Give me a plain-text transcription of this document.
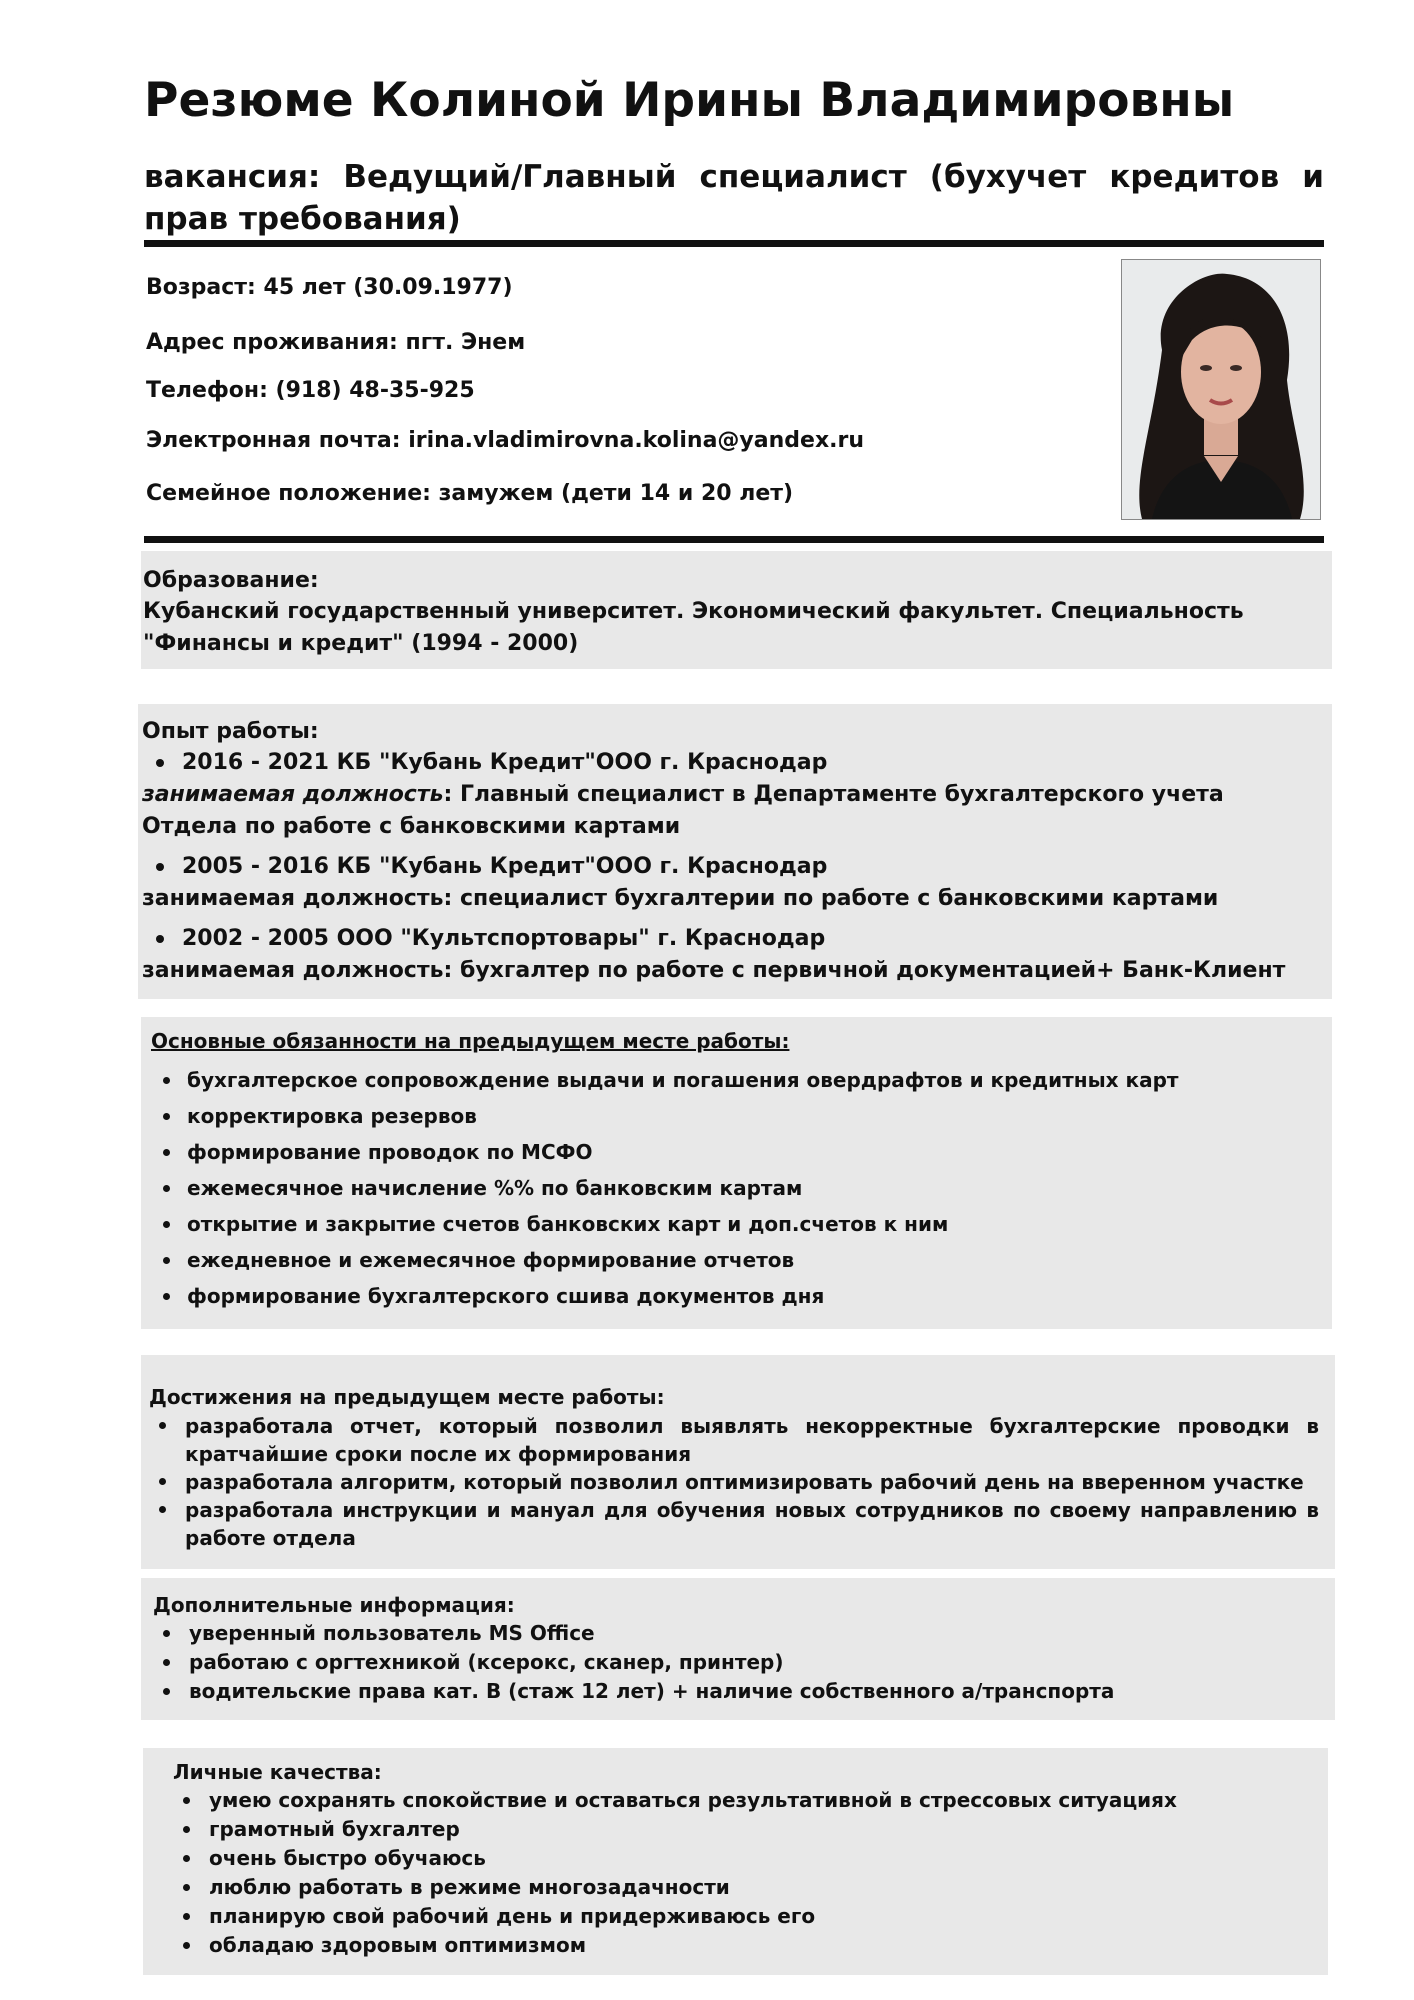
Резюме Колиной Ирины Владимировны

вакансия: Ведущий/Главный специалист (бухучет кредитов и прав требования)

Возраст: 45 лет (30.09.1977)
Адрес проживания: пгт. Энем
Телефон: (918) 48-35-925
Электронная почта: irina.vladimirovna.kolina@yandex.ru
Семейное положение: замужем (дети 14 и 20 лет)

Образование:

Кубанский государственный университет. Экономический факультет. Специальность "Финансы и кредит" (1994 - 2000)

Опыт работы:

2016 - 2021 КБ "Кубань Кредит"ООО г. Краснодар

занимаемая должность: Главный специалист в Департаменте бухгалтерского учета Отдела по работе с банковскими картами

2005 - 2016 КБ "Кубань Кредит"ООО г. Краснодар

занимаемая должность: специалист бухгалтерии по работе с банковскими картами

2002 - 2005 ООО "Культспортовары" г. Краснодар

занимаемая должность: бухгалтер по работе с первичной документацией+ Банк-Клиент

Основные обязанности на предыдущем месте работы:

бухгалтерское сопровождение выдачи и погашения овердрафтов и кредитных карт
корректировка резервов
формирование проводок по МСФО
ежемесячное начисление %% по банковским картам
открытие и закрытие счетов банковских карт и доп.счетов к ним
ежедневное и ежемесячное формирование отчетов
формирование бухгалтерского сшива документов дня

Достижения на предыдущем месте работы:

разработала отчет, который позволил выявлять некорректные бухгалтерские проводки в кратчайшие сроки после их формирования
разработала алгоритм, который позволил оптимизировать рабочий день на вверенном участке
разработала инструкции и мануал для обучения новых сотрудников по своему направлению в работе отдела

Дополнительные информация:

уверенный пользователь MS Office
работаю с оргтехникой (ксерокс, сканер, принтер)
водительские права кат. В (стаж 12 лет) + наличие собственного а/транспорта

Личные качества:

умею сохранять спокойствие и оставаться результативной в стрессовых ситуациях
грамотный бухгалтер
очень быстро обучаюсь
люблю работать в режиме многозадачности
планирую свой рабочий день и придерживаюсь его
обладаю здоровым оптимизмом
